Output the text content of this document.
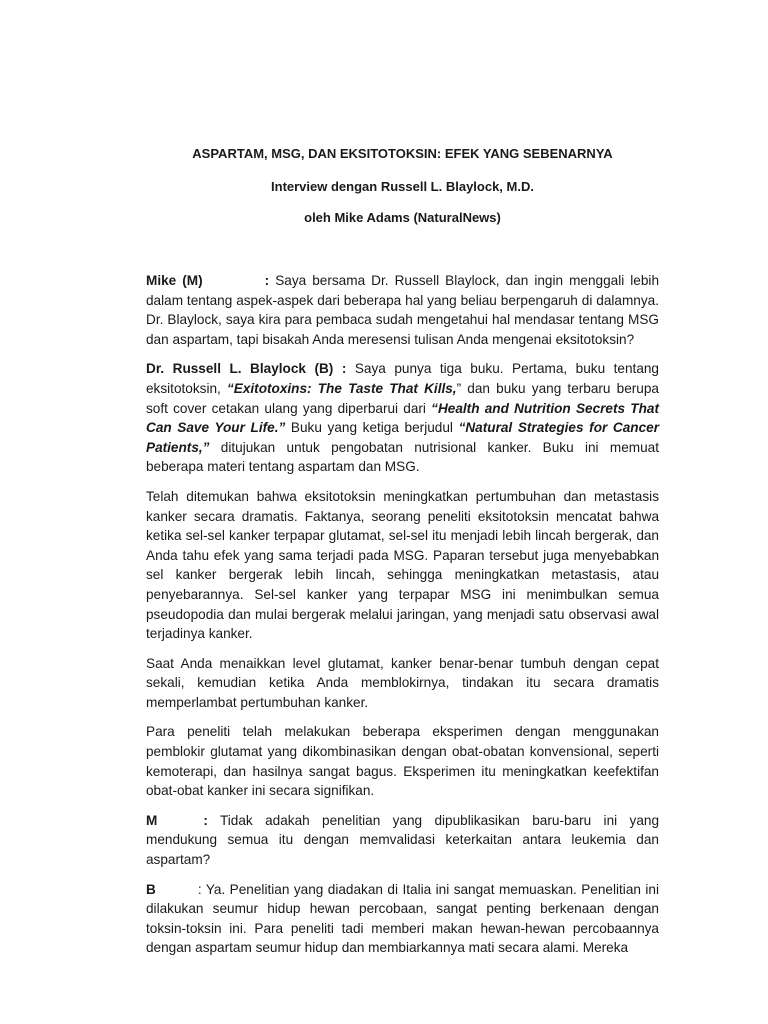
ASPARTAM, MSG, DAN EKSITOTOKSIN: EFEK YANG SEBENARNYA

Interview dengan Russell L. Blaylock, M.D.

oleh Mike Adams (NaturalNews)

Mike (M)	: Saya bersama Dr. Russell Blaylock, dan ingin menggali lebih dalam tentang aspek-aspek dari beberapa hal yang beliau berpengaruh di dalamnya. Dr. Blaylock, saya kira para pembaca sudah mengetahui hal mendasar tentang MSG dan aspartam, tapi bisakah Anda meresensi tulisan Anda mengenai eksitotoksin?

Dr. Russell L. Blaylock (B) : Saya punya tiga buku. Pertama, buku tentang eksitotoksin, “Exitotoxins: The Taste That Kills,” dan buku yang terbaru berupa soft cover cetakan ulang yang diperbarui dari “Health and Nutrition Secrets That Can Save Your Life.” Buku yang ketiga berjudul “Natural Strategies for Cancer Patients,” ditujukan untuk pengobatan nutrisional kanker. Buku ini memuat beberapa materi tentang aspartam dan MSG.

Telah ditemukan bahwa eksitotoksin meningkatkan pertumbuhan dan metastasis kanker secara dramatis. Faktanya, seorang peneliti eksitotoksin mencatat bahwa ketika sel-sel kanker terpapar glutamat, sel-sel itu menjadi lebih lincah bergerak, dan Anda tahu efek yang sama terjadi pada MSG. Paparan tersebut juga menyebabkan sel kanker bergerak lebih lincah, sehingga meningkatkan metastasis, atau penyebarannya. Sel-sel kanker yang terpapar MSG ini menimbulkan semua pseudopodia dan mulai bergerak melalui jaringan, yang menjadi satu observasi awal terjadinya kanker.

Saat Anda menaikkan level glutamat, kanker benar-benar tumbuh dengan cepat sekali, kemudian ketika Anda memblokirnya, tindakan itu secara dramatis memperlambat pertumbuhan kanker.

Para peneliti telah melakukan beberapa eksperimen dengan menggunakan pemblokir glutamat yang dikombinasikan dengan obat-obatan konvensional, seperti kemoterapi, dan hasilnya sangat bagus. Eksperimen itu meningkatkan keefektifan obat-obat kanker ini secara signifikan.

M	: Tidak adakah penelitian yang dipublikasikan baru-baru ini yang mendukung semua itu dengan memvalidasi keterkaitan antara leukemia dan aspartam?

B	: Ya. Penelitian yang diadakan di Italia ini sangat memuaskan. Penelitian ini dilakukan seumur hidup hewan percobaan, sangat penting berkenaan dengan toksin-toksin ini. Para peneliti tadi memberi makan hewan-hewan percobaannya dengan aspartam seumur hidup dan membiarkannya mati secara alami. Mereka
